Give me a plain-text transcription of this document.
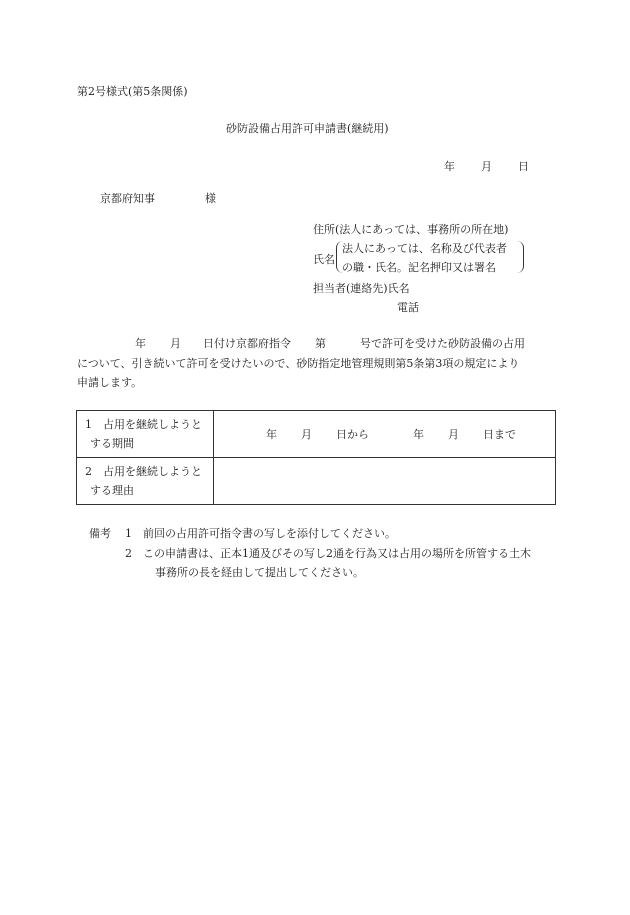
第2号様式(第5条関係)
砂防設備占用許可申請書(継続用)
年 月 日
京都府知事	様
住所(法人にあっては、事務所の所在地)
氏名
法人にあっては、名称及び代表者
の職・氏名。記名押印又は署名
担当者(連絡先)氏名
電話
年 月 日付け京都府指令 第	号で許可を受けた砂防設備の占用
について、引き続いて許可を受けたいので、砂防指定地管理規則第5条第3項の規定により
申請します。
1　占用を継続しようと
する期間	年 月 日から 年 月 日まで

2　占用を継続しようと
する理由	

備考 1　前回の占用許可指令書の写しを添付してください。
2　この申請書は、正本1通及びその写し2通を行為又は占用の場所を所管する土木
事務所の長を経由して提出してください。
